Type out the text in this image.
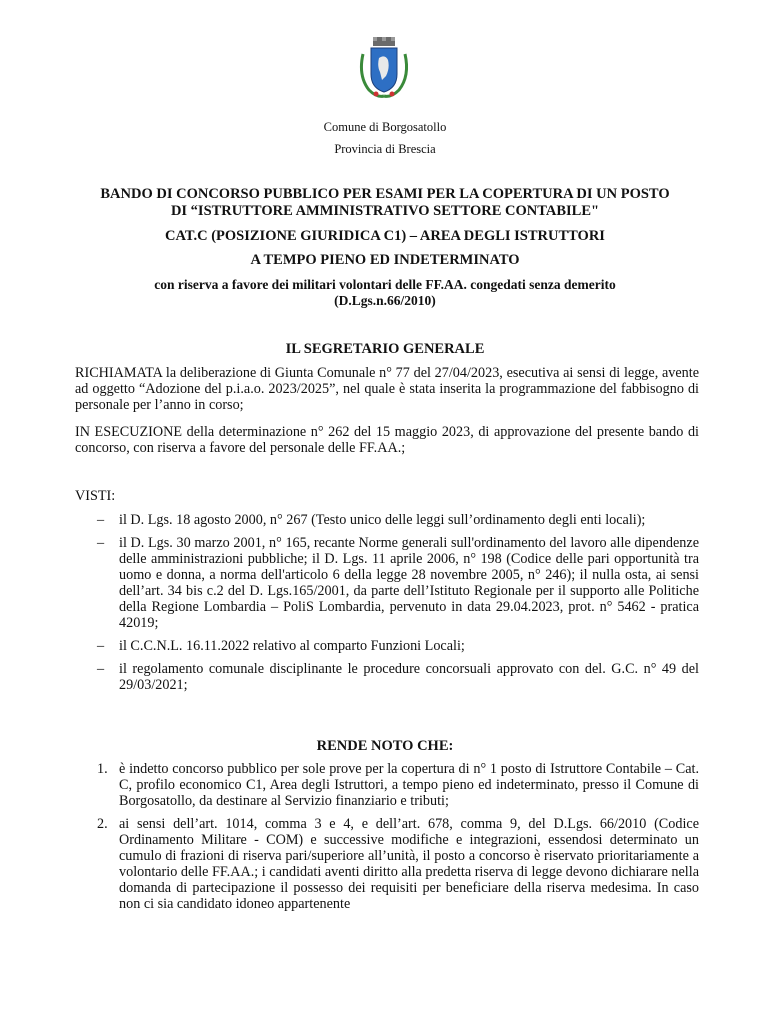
Comune di Borgosatollo
Provincia di Brescia
BANDO DI CONCORSO PUBBLICO PER ESAMI PER LA COPERTURA DI UN POSTO
DI “ISTRUTTORE AMMINISTRATIVO SETTORE CONTABILE"
CAT.C (POSIZIONE GIURIDICA C1) – AREA DEGLI ISTRUTTORI
A TEMPO PIENO ED INDETERMINATO
con riserva a favore dei militari volontari delle FF.AA. congedati senza demerito
(D.Lgs.n.66/2010)
IL SEGRETARIO GENERALE
RICHIAMATA la deliberazione di Giunta Comunale n° 77 del 27/04/2023, esecutiva ai sensi di legge, avente ad oggetto “Adozione del p.i.a.o. 2023/2025”, nel quale è stata inserita la programmazione del fabbisogno di personale per l’anno in corso;
IN ESECUZIONE della determinazione n° 262 del 15 maggio 2023, di approvazione del presente bando di concorso, con riserva a favore del personale delle FF.AA.;
VISTI:
– il D. Lgs. 18 agosto 2000, n° 267 (Testo unico delle leggi sull’ordinamento degli enti locali);
– il D. Lgs. 30 marzo 2001, n° 165, recante Norme generali sull'ordinamento del lavoro alle dipendenze delle amministrazioni pubbliche; il D. Lgs. 11 aprile 2006, n° 198 (Codice delle pari opportunità tra uomo e donna, a norma dell'articolo 6 della legge 28 novembre 2005, n° 246); il nulla osta, ai sensi dell’art. 34 bis c.2 del D. Lgs.165/2001, da parte dell’Istituto Regionale per il supporto alle Politiche della Regione Lombardia – PoliS Lombardia, pervenuto in data 29.04.2023, prot. n° 5462 - pratica 42019;
– il C.C.N.L. 16.11.2022 relativo al comparto Funzioni Locali;
– il regolamento comunale disciplinante le procedure concorsuali approvato con del. G.C. n° 49 del 29/03/2021;
RENDE NOTO CHE:
1. è indetto concorso pubblico per sole prove per la copertura di n° 1 posto di Istruttore Contabile – Cat. C, profilo economico C1, Area degli Istruttori, a tempo pieno ed indeterminato, presso il Comune di Borgosatollo, da destinare al Servizio finanziario e tributi;
2. ai sensi dell’art. 1014, comma 3 e 4, e dell’art. 678, comma 9, del D.Lgs. 66/2010 (Codice Ordinamento Militare - COM) e successive modifiche e integrazioni, essendosi determinato un cumulo di frazioni di riserva pari/superiore all’unità, il posto a concorso è riservato prioritariamente a volontario delle FF.AA.; i candidati aventi diritto alla predetta riserva di legge devono dichiarare nella domanda di partecipazione il possesso dei requisiti per beneficiare della riserva medesima. In caso non ci sia candidato idoneo appartenente
